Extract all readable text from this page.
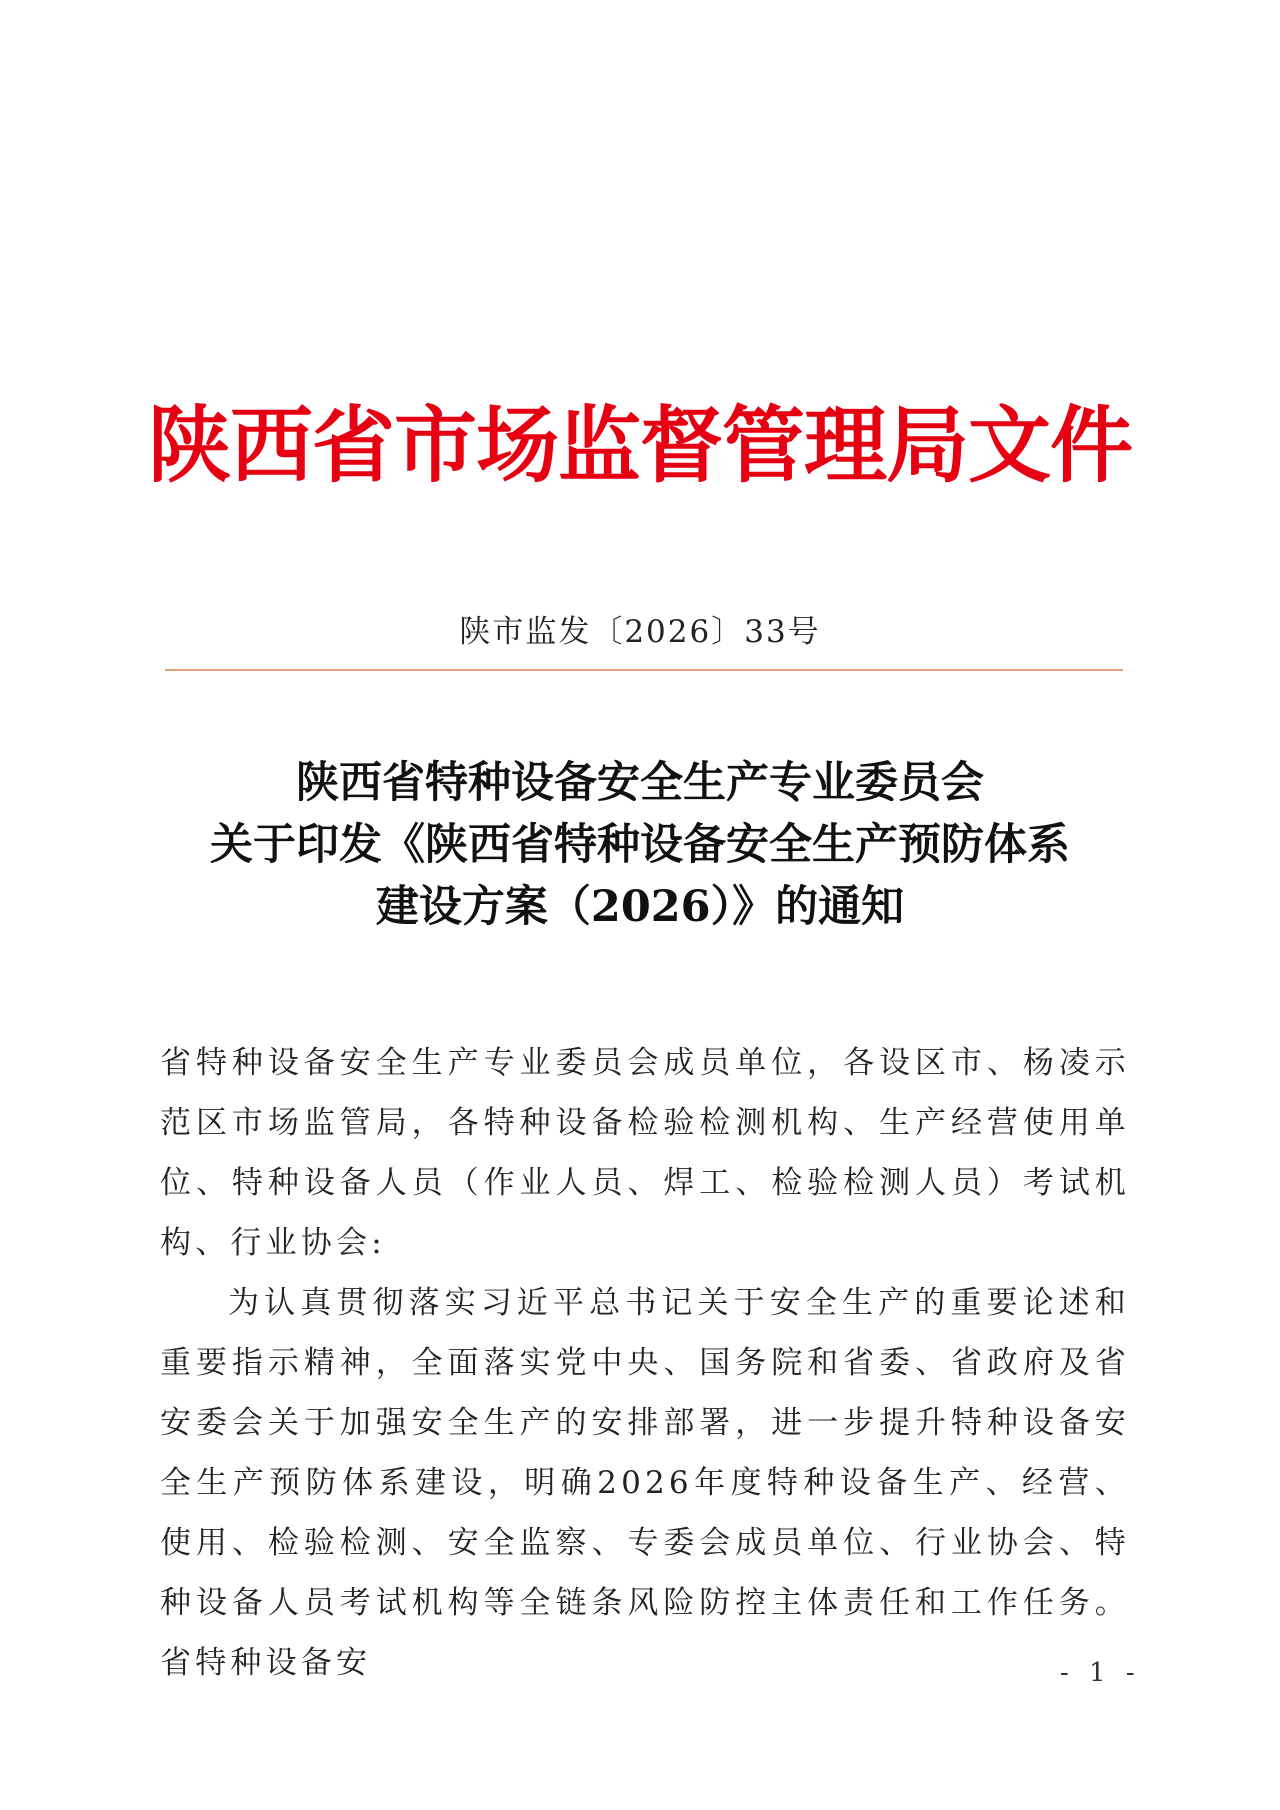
陕西省市场监督管理局文件
陕市监发〔2026〕33号
陕西省特种设备安全生产专业委员会
关于印发《陕西省特种设备安全生产预防体系
建设方案（2026）》的通知

省特种设备安全生产专业委员会成员单位，各设区市、杨凌示范区市场监管局，各特种设备检验检测机构、生产经营使用单位、特种设备人员（作业人员、焊工、检验检测人员）考试机构、行业协会:

为认真贯彻落实习近平总书记关于安全生产的重要论述和重要指示精神，全面落实党中央、国务院和省委、省政府及省安委会关于加强安全生产的安排部署，进一步提升特种设备安全生产预防体系建设，明确2026年度特种设备生产、经营、使用、检验检测、安全监察、专委会成员单位、行业协会、特种设备人员考试机构等全链条风险防控主体责任和工作任务。省特种设备安	- 1 -
